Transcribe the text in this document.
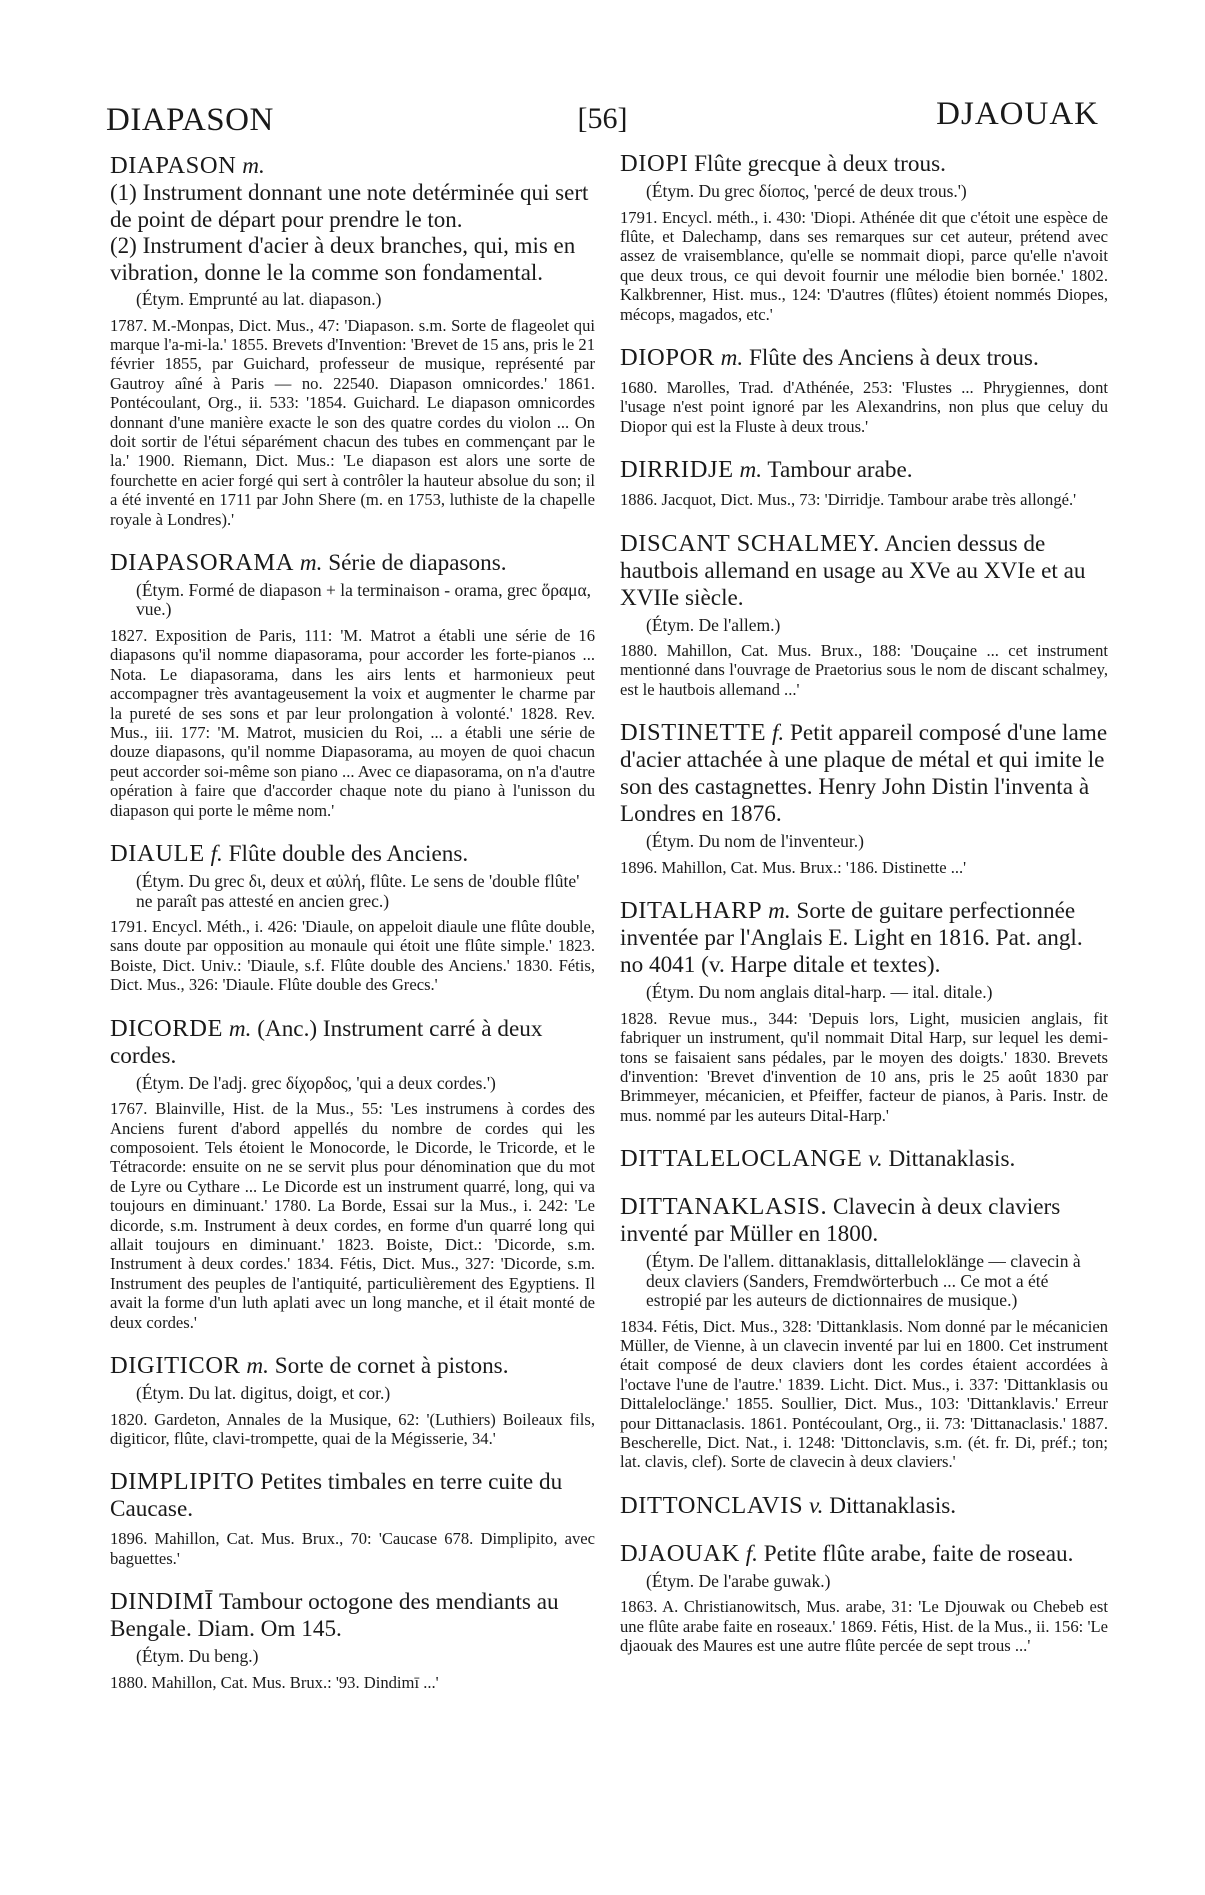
DIAPASON	[56]	DJAOUAK

DIAPASON m.

(1) Instrument donnant une note detérminée qui sert de point de départ pour prendre le ton.

(2) Instrument d'acier à deux branches, qui, mis en vibration, donne le la comme son fondamental.

(Étym. Emprunté au lat. diapason.)

1787. M.-Monpas, Dict. Mus., 47: 'Diapason. s.m. Sorte de flageolet qui marque l'a-mi-la.' 1855. Brevets d'Invention: 'Brevet de 15 ans, pris le 21 février 1855, par Guichard, professeur de musique, représenté par Gautroy aîné à Paris — no. 22540. Diapason omnicordes.' 1861. Pontécoulant, Org., ii. 533: '1854. Guichard. Le diapason omnicordes donnant d'une manière exacte le son des quatre cordes du violon ... On doit sortir de l'étui séparément chacun des tubes en commençant par le la.' 1900. Riemann, Dict. Mus.: 'Le diapason est alors une sorte de fourchette en acier forgé qui sert à contrôler la hauteur absolue du son; il a été inventé en 1711 par John Shere (m. en 1753, luthiste de la chapelle royale à Londres).'

DIAPASORAMA m. Série de diapasons.

(Étym. Formé de diapason + la terminaison - orama, grec ὅραμα, vue.)

1827. Exposition de Paris, 111: 'M. Matrot a établi une série de 16 diapasons qu'il nomme diapasorama, pour accorder les forte-pianos ... Nota. Le diapasorama, dans les airs lents et harmonieux peut accompagner très avantageusement la voix et augmenter le charme par la pureté de ses sons et par leur prolongation à volonté.' 1828. Rev. Mus., iii. 177: 'M. Matrot, musicien du Roi, ... a établi une série de douze diapasons, qu'il nomme Diapasorama, au moyen de quoi chacun peut accorder soi-même son piano ... Avec ce diapasorama, on n'a d'autre opération à faire que d'accorder chaque note du piano à l'unisson du diapason qui porte le même nom.'

DIAULE f. Flûte double des Anciens.

(Étym. Du grec δι, deux et αὐλή, flûte. Le sens de 'double flûte' ne paraît pas attesté en ancien grec.)

1791. Encycl. Méth., i. 426: 'Diaule, on appeloit diaule une flûte double, sans doute par opposition au monaule qui étoit une flûte simple.' 1823. Boiste, Dict. Univ.: 'Diaule, s.f. Flûte double des Anciens.' 1830. Fétis, Dict. Mus., 326: 'Diaule. Flûte double des Grecs.'

DICORDE m. (Anc.) Instrument carré à deux cordes.

(Étym. De l'adj. grec δίχορδος, 'qui a deux cordes.')

1767. Blainville, Hist. de la Mus., 55: 'Les instrumens à cordes des Anciens furent d'abord appellés du nombre de cordes qui les composoient. Tels étoient le Monocorde, le Dicorde, le Tricorde, et le Tétracorde: ensuite on ne se servit plus pour dénomination que du mot de Lyre ou Cythare ... Le Dicorde est un instrument quarré, long, qui va toujours en diminuant.' 1780. La Borde, Essai sur la Mus., i. 242: 'Le dicorde, s.m. Instrument à deux cordes, en forme d'un quarré long qui allait toujours en diminuant.' 1823. Boiste, Dict.: 'Dicorde, s.m. Instrument à deux cordes.' 1834. Fétis, Dict. Mus., 327: 'Dicorde, s.m. Instrument des peuples de l'antiquité, particulièrement des Egyptiens. Il avait la forme d'un luth aplati avec un long manche, et il était monté de deux cordes.'

DIGITICOR m. Sorte de cornet à pistons.

(Étym. Du lat. digitus, doigt, et cor.)

1820. Gardeton, Annales de la Musique, 62: '(Luthiers) Boileaux fils, digiticor, flûte, clavi-trompette, quai de la Mégisserie, 34.'

DIMPLIPITO Petites timbales en terre cuite du Caucase.

1896. Mahillon, Cat. Mus. Brux., 70: 'Caucase 678. Dimplipito, avec baguettes.'

DINDIMĪ Tambour octogone des mendiants au Bengale. Diam. Om 145.

(Étym. Du beng.)

1880. Mahillon, Cat. Mus. Brux.: '93. Dindimī ...'

DIOPI Flûte grecque à deux trous.

(Étym. Du grec δίοπος, 'percé de deux trous.')

1791. Encycl. méth., i. 430: 'Diopi. Athénée dit que c'étoit une espèce de flûte, et Dalechamp, dans ses remarques sur cet auteur, prétend avec assez de vraisemblance, qu'elle se nommait diopi, parce qu'elle n'avoit que deux trous, ce qui devoit fournir une mélodie bien bornée.' 1802. Kalkbrenner, Hist. mus., 124: 'D'autres (flûtes) étoient nommés Diopes, mécops, magados, etc.'

DIOPOR m. Flûte des Anciens à deux trous.

1680. Marolles, Trad. d'Athénée, 253: 'Flustes ... Phrygiennes, dont l'usage n'est point ignoré par les Alexandrins, non plus que celuy du Diopor qui est la Fluste à deux trous.'

DIRRIDJE m. Tambour arabe.

1886. Jacquot, Dict. Mus., 73: 'Dirridje. Tambour arabe très allongé.'

DISCANT SCHALMEY. Ancien dessus de hautbois allemand en usage au XVe au XVIe et au XVIIe siècle.

(Étym. De l'allem.)

1880. Mahillon, Cat. Mus. Brux., 188: 'Douçaine ... cet instrument mentionné dans l'ouvrage de Praetorius sous le nom de discant schalmey, est le hautbois allemand ...'

DISTINETTE f. Petit appareil composé d'une lame d'acier attachée à une plaque de métal et qui imite le son des castagnettes. Henry John Distin l'inventa à Londres en 1876.

(Étym. Du nom de l'inventeur.)

1896. Mahillon, Cat. Mus. Brux.: '186. Distinette ...'

DITALHARP m. Sorte de guitare perfectionnée inventée par l'Anglais E. Light en 1816. Pat. angl. no 4041 (v. Harpe ditale et textes).

(Étym. Du nom anglais dital-harp. — ital. ditale.)

1828. Revue mus., 344: 'Depuis lors, Light, musicien anglais, fit fabriquer un instrument, qu'il nommait Dital Harp, sur lequel les demi-tons se faisaient sans pédales, par le moyen des doigts.' 1830. Brevets d'invention: 'Brevet d'invention de 10 ans, pris le 25 août 1830 par Brimmeyer, mécanicien, et Pfeiffer, facteur de pianos, à Paris. Instr. de mus. nommé par les auteurs Dital-Harp.'

DITTALELOCLANGE v. Dittanaklasis.

DITTANAKLASIS. Clavecin à deux claviers inventé par Müller en 1800.

(Étym. De l'allem. dittanaklasis, dittalleloklänge — clavecin à deux claviers (Sanders, Fremdwörterbuch ... Ce mot a été estropié par les auteurs de dictionnaires de musique.)

1834. Fétis, Dict. Mus., 328: 'Dittanklasis. Nom donné par le mécanicien Müller, de Vienne, à un clavecin inventé par lui en 1800. Cet instrument était composé de deux claviers dont les cordes étaient accordées à l'octave l'une de l'autre.' 1839. Licht. Dict. Mus., i. 337: 'Dittanklasis ou Dittaleloclänge.' 1855. Soullier, Dict. Mus., 103: 'Dittanklavis.' Erreur pour Dittanaclasis. 1861. Pontécoulant, Org., ii. 73: 'Dittanaclasis.' 1887. Bescherelle, Dict. Nat., i. 1248: 'Dittonclavis, s.m. (ét. fr. Di, préf.; ton; lat. clavis, clef). Sorte de clavecin à deux claviers.'

DITTONCLAVIS v. Dittanaklasis.

DJAOUAK f. Petite flûte arabe, faite de roseau.

(Étym. De l'arabe guwak.)

1863. A. Christianowitsch, Mus. arabe, 31: 'Le Djouwak ou Chebeb est une flûte arabe faite en roseaux.' 1869. Fétis, Hist. de la Mus., ii. 156: 'Le djaouak des Maures est une autre flûte percée de sept trous ...'
